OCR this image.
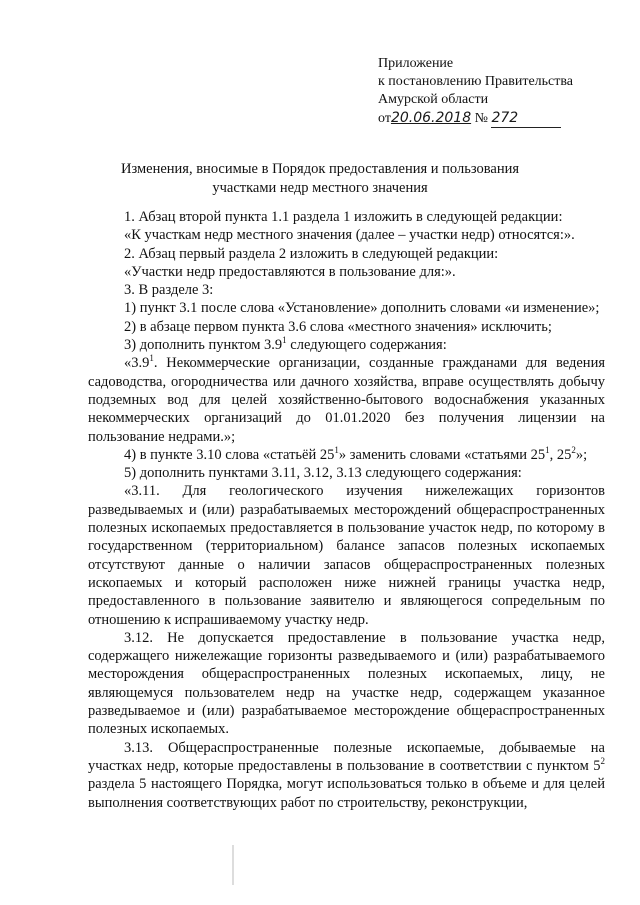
Приложение
к постановлению Правительства
Амурской области
от20.06.2018 № 272
Изменения, вносимые в Порядок предоставления и пользования
участками недр местного значения

1. Абзац второй пункта 1.1 раздела 1 изложить в следующей редакции:

«К участкам недр местного значения (далее – участки недр) относятся:».

2. Абзац первый раздела 2 изложить в следующей редакции:

«Участки недр предоставляются в пользование для:».

3. В разделе 3:

1) пункт 3.1 после слова «Установление» дополнить словами «и изменение»;

2) в абзаце первом пункта 3.6 слова «местного значения» исключить;

3) дополнить пунктом $3.9^1$ следующего содержания:

«$3.9^1$. Некоммерческие организации, созданные гражданами для ведения садоводства, огородничества или дачного хозяйства, вправе осуществлять добычу подземных вод для целей хозяйственно-бытового водоснабжения указанных некоммерческих организаций до 01.01.2020 без получения лицензии на пользование недрами.»;

4) в пункте 3.10 слова «статьёй $25^1$» заменить словами «статьями $25^1$, $25^2$»;

5) дополнить пунктами 3.11, 3.12, 3.13 следующего содержания:

«3.11. Для геологического изучения нижележащих горизонтов разведываемых и (или) разрабатываемых месторождений общераспространенных полезных ископаемых предоставляется в пользование участок недр, по которому в государственном (территориальном) балансе запасов полезных ископаемых отсутствуют данные о наличии запасов общераспространенных полезных ископаемых и который расположен ниже нижней границы участка недр, предоставленного в пользование заявителю и являющегося сопредельным по отношению к испрашиваемому участку недр.

3.12. Не допускается предоставление в пользование участка недр, содержащего нижележащие горизонты разведываемого и (или) разрабатываемого месторождения общераспространенных полезных ископаемых, лицу, не являющемуся пользователем недр на участке недр, содержащем указанное разведываемое и (или) разрабатываемое месторождение общераспространенных полезных ископаемых.

3.13. Общераспространенные полезные ископаемые, добываемые на участках недр, которые предоставлены в пользование в соответствии с пунктом $5^2$ раздела 5 настоящего Порядка, могут использоваться только в объеме и для целей выполнения соответствующих работ по строительству, реконструкции,
